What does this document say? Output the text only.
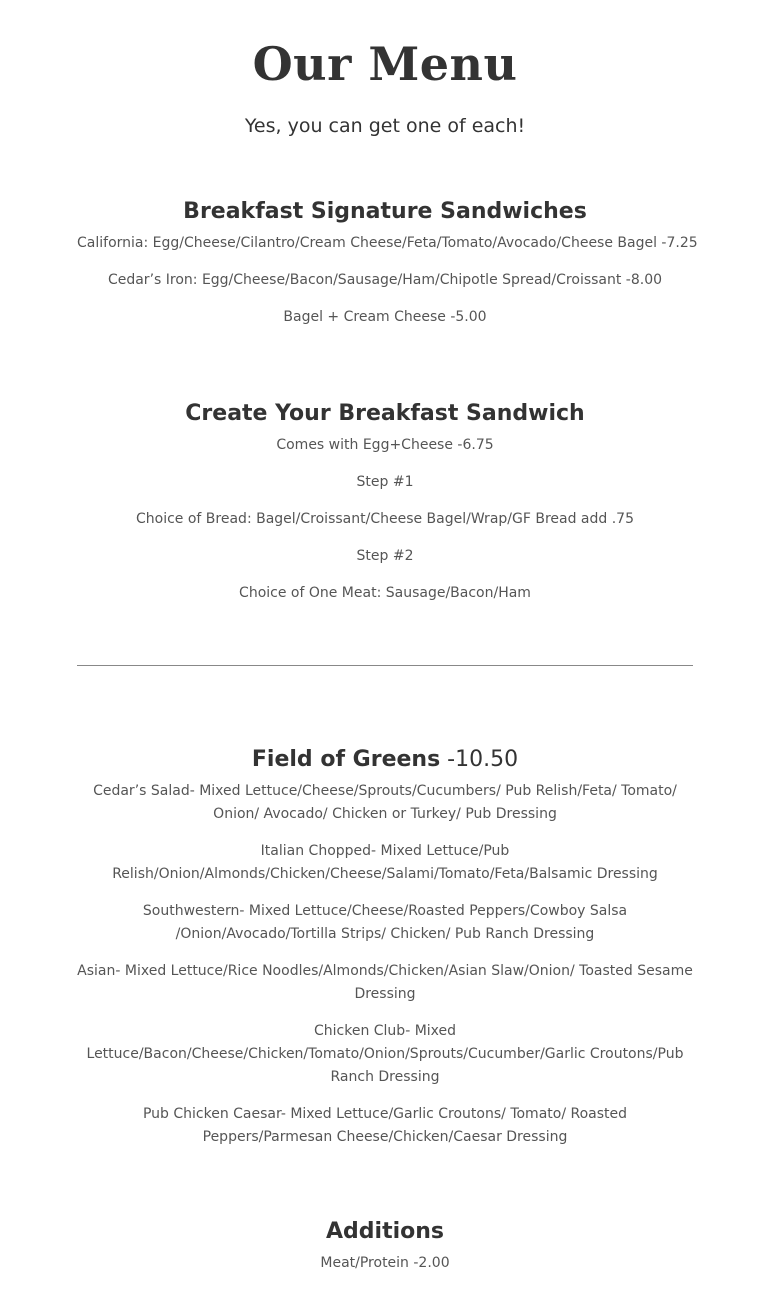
Our Menu

Yes, you can get one of each!

Breakfast Signature Sandwiches

California: Egg/Cheese/Cilantro/Cream Cheese/Feta/Tomato/Avocado/Cheese Bagel -7.25

Cedar’s Iron: Egg/Cheese/Bacon/Sausage/Ham/Chipotle Spread/Croissant -8.00

Bagel + Cream Cheese -5.00

Create Your Breakfast Sandwich

Comes with Egg+Cheese -6.75

Step #1

Choice of Bread: Bagel/Croissant/Cheese Bagel/Wrap/GF Bread add .75

Step #2

Choice of One Meat: Sausage/Bacon/Ham

Field of Greens -10.50

Cedar’s Salad- Mixed Lettuce/Cheese/Sprouts/Cucumbers/ Pub Relish/Feta/ Tomato/ Onion/ Avocado/ Chicken or Turkey/ Pub Dressing

Italian Chopped- Mixed Lettuce/Pub Relish/Onion/Almonds/Chicken/Cheese/Salami/Tomato/Feta/Balsamic Dressing

Southwestern- Mixed Lettuce/Cheese/Roasted Peppers/Cowboy Salsa /Onion/Avocado/Tortilla Strips/ Chicken/ Pub Ranch Dressing

Asian- Mixed Lettuce/Rice Noodles/Almonds/Chicken/Asian Slaw/Onion/ Toasted Sesame Dressing

Chicken Club- Mixed Lettuce/Bacon/Cheese/Chicken/Tomato/Onion/Sprouts/Cucumber/Garlic Croutons/Pub Ranch Dressing

Pub Chicken Caesar- Mixed Lettuce/Garlic Croutons/ Tomato/ Roasted Peppers/Parmesan Cheese/Chicken/Caesar Dressing

Additions

Meat/Protein -2.00
